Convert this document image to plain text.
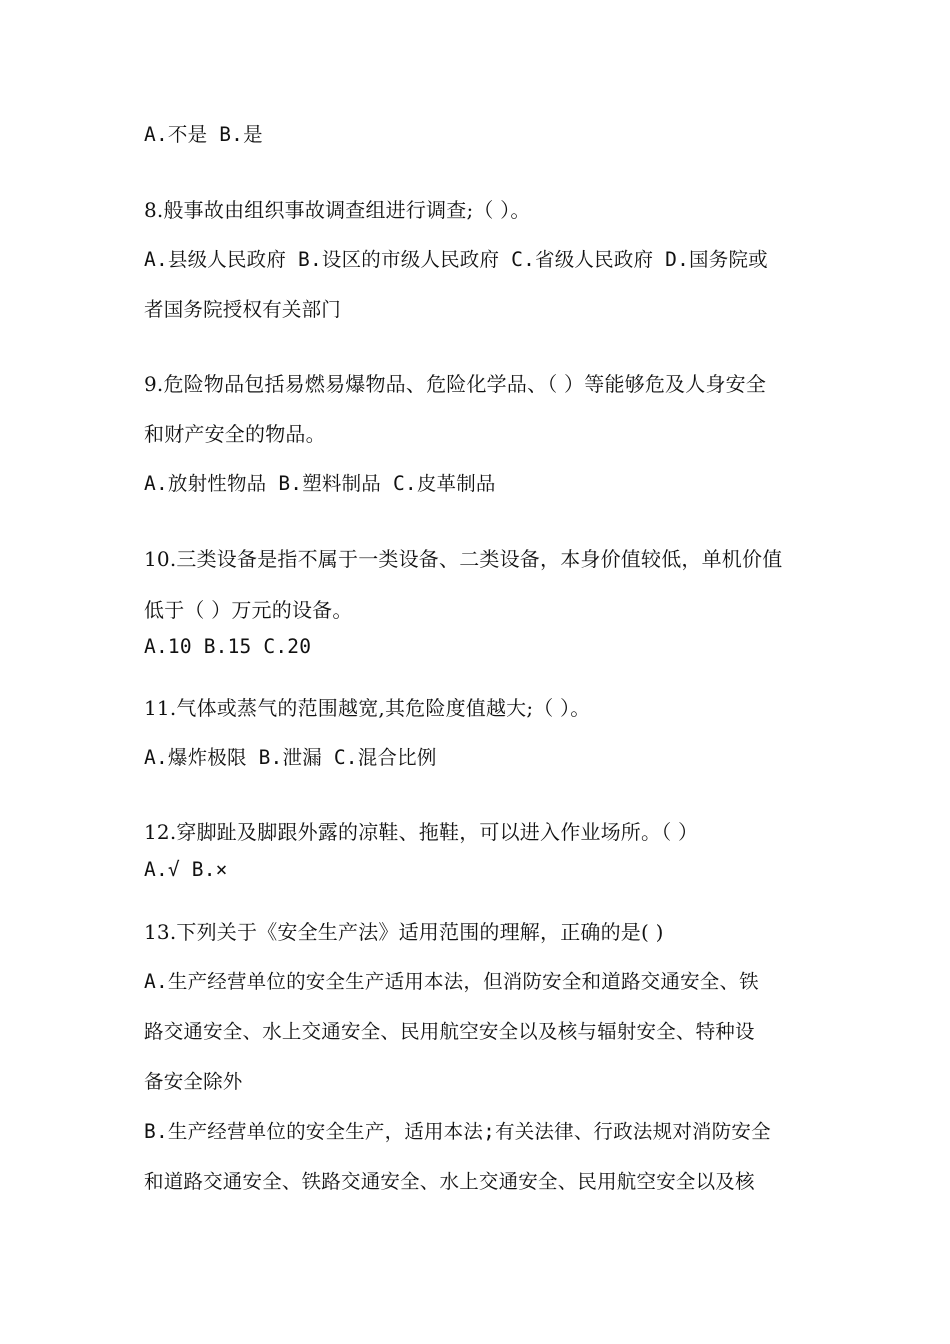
A.不是 B.是
8.般事故由组织事故调查组进行调查;（ ）。
A.县级人民政府 B.设区的市级人民政府 C.省级人民政府 D.国务院或
者国务院授权有关部门
9.危险物品包括易燃易爆物品、危险化学品、（ ）等能够危及人身安全
和财产安全的物品。
A.放射性物品 B.塑料制品 C.皮革制品
10.三类设备是指不属于一类设备、二类设备，本身价值较低，单机价值
低于（ ）万元的设备。
A.10 B.15 C.20
11.气体或蒸气的范围越宽,其危险度值越大;（ ）。
A.爆炸极限 B.泄漏 C.混合比例
12.穿脚趾及脚跟外露的凉鞋、拖鞋，可以进入作业场所。（ ）
A.√ B.×
13.下列关于《安全生产法》适用范围的理解，正确的是( )
A.生产经营单位的安全生产适用本法，但消防安全和道路交通安全、铁
路交通安全、水上交通安全、民用航空安全以及核与辐射安全、特种设
备安全除外
B.生产经营单位的安全生产，适用本法;有关法律、行政法规对消防安全
和道路交通安全、铁路交通安全、水上交通安全、民用航空安全以及核
